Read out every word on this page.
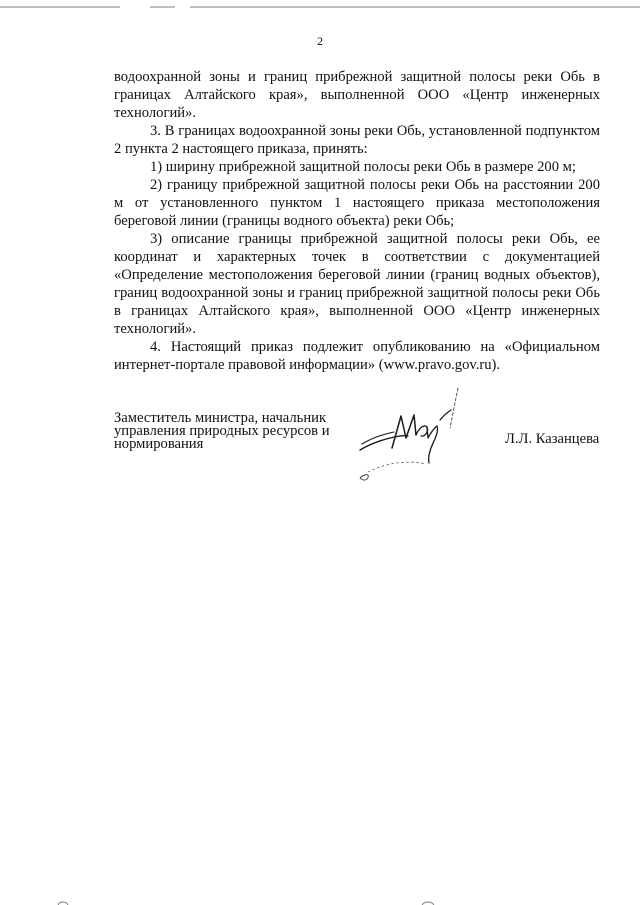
2

водоохранной зоны и границ прибрежной защитной полосы реки Обь в границах Алтайского края», выполненной ООО «Центр инженерных технологий».

3. В границах водоохранной зоны реки Обь, установленной подпунктом 2 пункта 2 настоящего приказа, принять:

1) ширину прибрежной защитной полосы реки Обь в размере 200 м;

2) границу прибрежной защитной полосы реки Обь на расстоянии 200 м от установленного пунктом 1 настоящего приказа местоположения береговой линии (границы водного объекта) реки Обь;

3) описание границы прибрежной защитной полосы реки Обь, ее координат и характерных точек в соответствии с документацией «Определение местоположения береговой линии (границ водных объектов), границ водоохранной зоны и границ прибрежной защитной полосы реки Обь в границах Алтайского края», выполненной ООО «Центр инженерных технологий».

4. Настоящий приказ подлежит опубликованию на «Официальном интернет-портале правовой информации» (www.pravo.gov.ru).

Заместитель министра, начальник
управления природных ресурсов и
нормирования	Л.Л. Казанцева
